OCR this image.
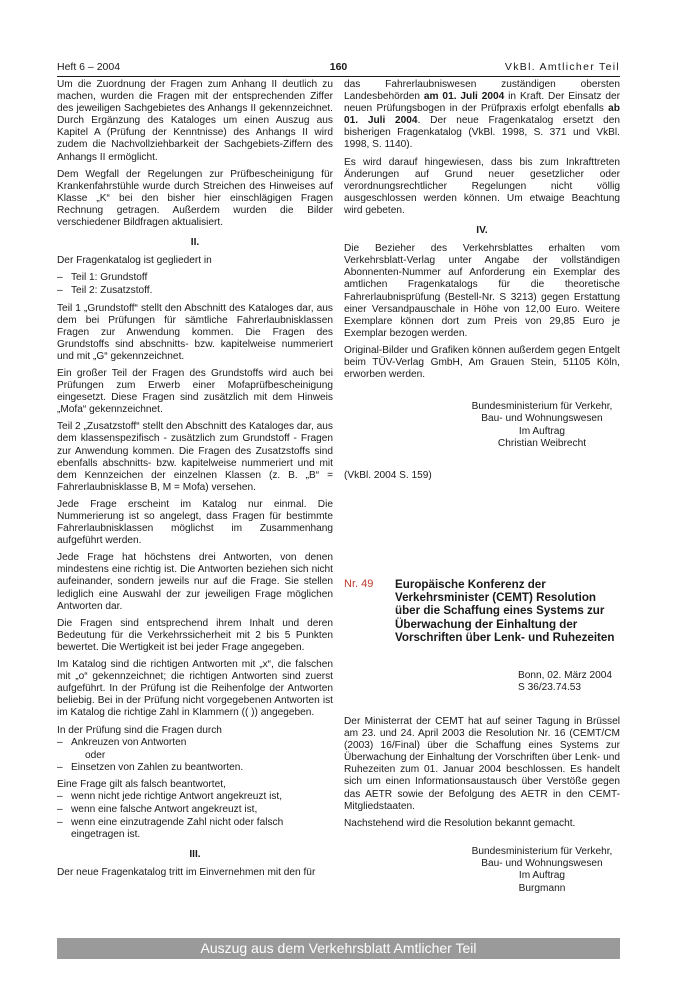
Heft 6 – 2004	160	VkBl. Amtlicher Teil

Um die Zuordnung der Fragen zum Anhang II deutlich zu machen, wurden die Fragen mit der entsprechenden Ziffer des jeweiligen Sachgebietes des Anhangs II gekennzeichnet. Durch Ergänzung des Kataloges um einen Auszug aus Kapitel A (Prüfung der Kenntnisse) des Anhangs II wird zudem die Nachvollziehbarkeit der Sachgebiets-Ziffern des Anhangs II ermöglicht.

Dem Wegfall der Regelungen zur Prüfbescheinigung für Krankenfahrstühle wurde durch Streichen des Hinweises auf Klasse „K“ bei den bisher hier einschlägigen Fragen Rechnung getragen. Außerdem wurden die Bilder verschiedener Bildfragen aktualisiert.

II.

Der Fragenkatalog ist gegliedert in

– Teil 1: Grundstoff
– Teil 2: Zusatzstoff.

Teil 1 „Grundstoff“ stellt den Abschnitt des Kataloges dar, aus dem bei Prüfungen für sämtliche Fahrerlaubnisklassen Fragen zur Anwendung kommen. Die Fragen des Grundstoffs sind abschnitts- bzw. kapitelweise nummeriert und mit „G“ gekennzeichnet.

Ein großer Teil der Fragen des Grundstoffs wird auch bei Prüfungen zum Erwerb einer Mofaprüfbescheinigung eingesetzt. Diese Fragen sind zusätzlich mit dem Hinweis „Mofa“ gekennzeichnet.

Teil 2 „Zusatzstoff“ stellt den Abschnitt des Kataloges dar, aus dem klassenspezifisch - zusätzlich zum Grundstoff - Fragen zur Anwendung kommen. Die Fragen des Zusatzstoffs sind ebenfalls abschnitts- bzw. kapitelweise nummeriert und mit dem Kennzeichen der einzelnen Klassen (z. B. „B“ = Fahrerlaubnisklasse B, M = Mofa) versehen.

Jede Frage erscheint im Katalog nur einmal. Die Nummerierung ist so angelegt, dass Fragen für bestimmte Fahrerlaubnisklassen möglichst im Zusammenhang aufgeführt werden.

Jede Frage hat höchstens drei Antworten, von denen mindestens eine richtig ist. Die Antworten beziehen sich nicht aufeinander, sondern jeweils nur auf die Frage. Sie stellen lediglich eine Auswahl der zur jeweiligen Frage möglichen Antworten dar.

Die Fragen sind entsprechend ihrem Inhalt und deren Bedeutung für die Verkehrssicherheit mit 2 bis 5 Punkten bewertet. Die Wertigkeit ist bei jeder Frage angegeben.

Im Katalog sind die richtigen Antworten mit „x“, die falschen mit „o“ gekennzeichnet; die richtigen Antworten sind zuerst aufgeführt. In der Prüfung ist die Reihenfolge der Antworten beliebig. Bei in der Prüfung nicht vorgegebenen Antworten ist im Katalog die richtige Zahl in Klammern (( )) angegeben.

In der Prüfung sind die Fragen durch

– Ankreuzen von Antworten
oder
– Einsetzen von Zahlen zu beantworten.

Eine Frage gilt als falsch beantwortet,

– wenn nicht jede richtige Antwort angekreuzt ist,
– wenn eine falsche Antwort angekreuzt ist,
– wenn eine einzutragende Zahl nicht oder falsch eingetragen ist.
III.

Der neue Fragenkatalog tritt im Einvernehmen mit den für

das Fahrerlaubniswesen zuständigen obersten Landesbehörden am 01. Juli 2004 in Kraft. Der Einsatz der neuen Prüfungsbogen in der Prüfpraxis erfolgt ebenfalls ab 01. Juli 2004. Der neue Fragenkatalog ersetzt den bisherigen Fragenkatalog (VkBl. 1998, S. 371 und VkBl. 1998, S. 1140).

Es wird darauf hingewiesen, dass bis zum Inkrafttreten Änderungen auf Grund neuer gesetzlicher oder verordnungsrechtlicher Regelungen nicht völlig ausgeschlossen werden können. Um etwaige Beachtung wird gebeten.

IV.

Die Bezieher des Verkehrsblattes erhalten vom Verkehrsblatt-Verlag unter Angabe der vollständigen Abonnenten-Nummer auf Anforderung ein Exemplar des amtlichen Fragenkatalogs für die theoretische Fahrerlaubnisprüfung (Bestell-Nr. S 3213) gegen Erstattung einer Versandpauschale in Höhe von 12,00 Euro. Weitere Exemplare können dort zum Preis von 29,85 Euro je Exemplar bezogen werden.

Original-Bilder und Grafiken können außerdem gegen Entgelt beim TÜV-Verlag GmbH, Am Grauen Stein, 51105 Köln, erworben werden.

Bundesministerium für Verkehr,
Bau- und Wohnungswesen
Im Auftrag
Christian Weibrecht

(VkBl. 2004 S. 159)

Nr. 49 Europäische Konferenz der Verkehrsminister (CEMT) Resolution über die Schaffung eines Systems zur Überwachung der Einhaltung der Vorschriften über Lenk- und Ruhezeiten
Bonn, 02. März 2004
S 36/23.74.53

Der Ministerrat der CEMT hat auf seiner Tagung in Brüssel am 23. und 24. April 2003 die Resolution Nr. 16 (CEMT/CM (2003) 16/Final) über die Schaffung eines Systems zur Überwachung der Einhaltung der Vorschriften über Lenk- und Ruhezeiten zum 01. Januar 2004 beschlossen. Es handelt sich um einen Informationsaustausch über Verstöße gegen das AETR sowie der Befolgung des AETR in den CEMT-Mitgliedstaaten.

Nachstehend wird die Resolution bekannt gemacht.

Bundesministerium für Verkehr,
Bau- und Wohnungswesen
Im Auftrag
Burgmann
Auszug aus dem Verkehrsblatt Amtlicher Teil
